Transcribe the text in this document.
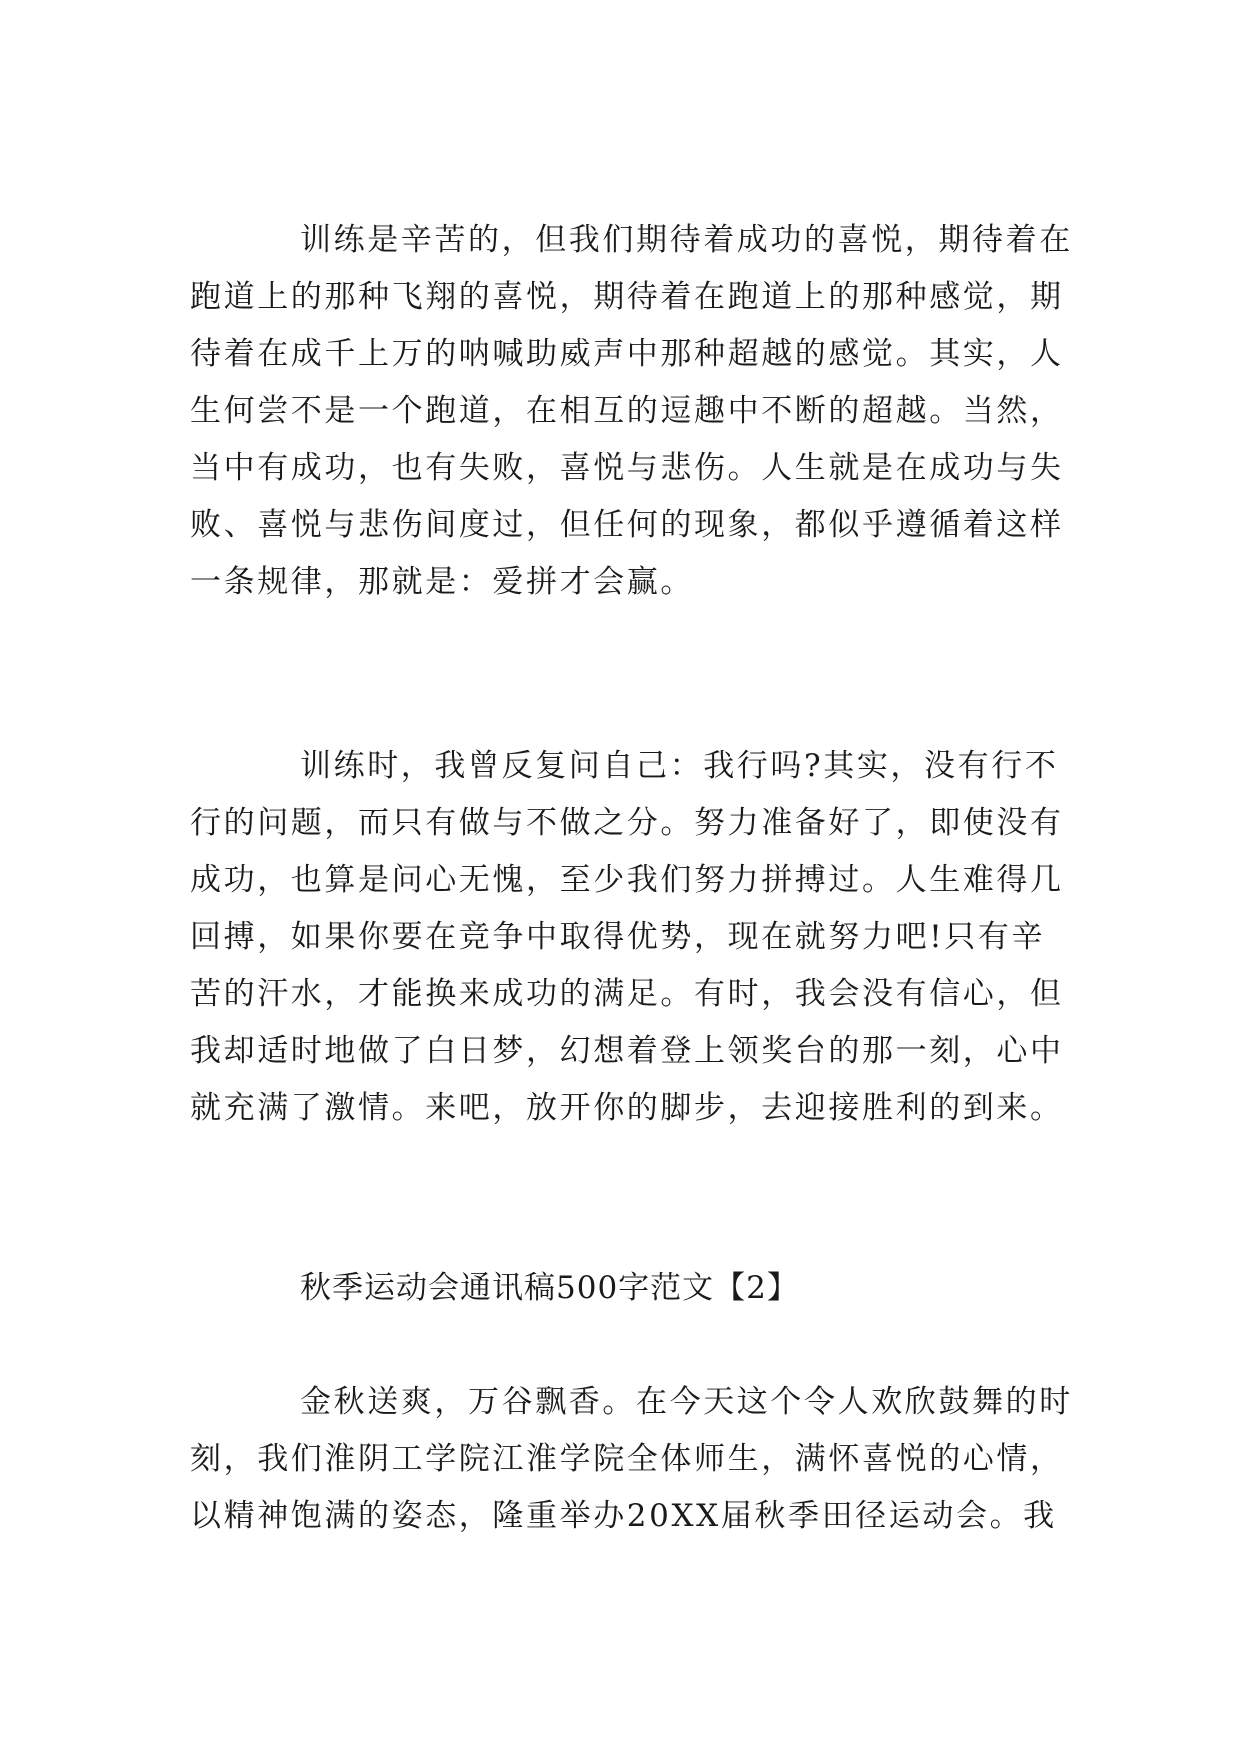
训练是辛苦的，但我们期待着成功的喜悦，期待着在
跑道上的那种飞翔的喜悦，期待着在跑道上的那种感觉，期
待着在成千上万的呐喊助威声中那种超越的感觉。其实，人
生何尝不是一个跑道，在相互的逗趣中不断的超越。当然，
当中有成功，也有失败，喜悦与悲伤。人生就是在成功与失
败、喜悦与悲伤间度过，但任何的现象，都似乎遵循着这样
一条规律，那就是：爱拼才会赢。
训练时，我曾反复问自己：我行吗?其实，没有行不
行的问题，而只有做与不做之分。努力准备好了，即使没有
成功，也算是问心无愧，至少我们努力拼搏过。人生难得几
回搏，如果你要在竞争中取得优势，现在就努力吧!只有辛
苦的汗水，才能换来成功的满足。有时，我会没有信心，但
我却适时地做了白日梦，幻想着登上领奖台的那一刻，心中
就充满了激情。来吧，放开你的脚步，去迎接胜利的到来。
秋季运动会通讯稿500字范文【2】
金秋送爽，万谷飘香。在今天这个令人欢欣鼓舞的时
刻，我们淮阴工学院江淮学院全体师生，满怀喜悦的心情，
以精神饱满的姿态，隆重举办20XX届秋季田径运动会。我
